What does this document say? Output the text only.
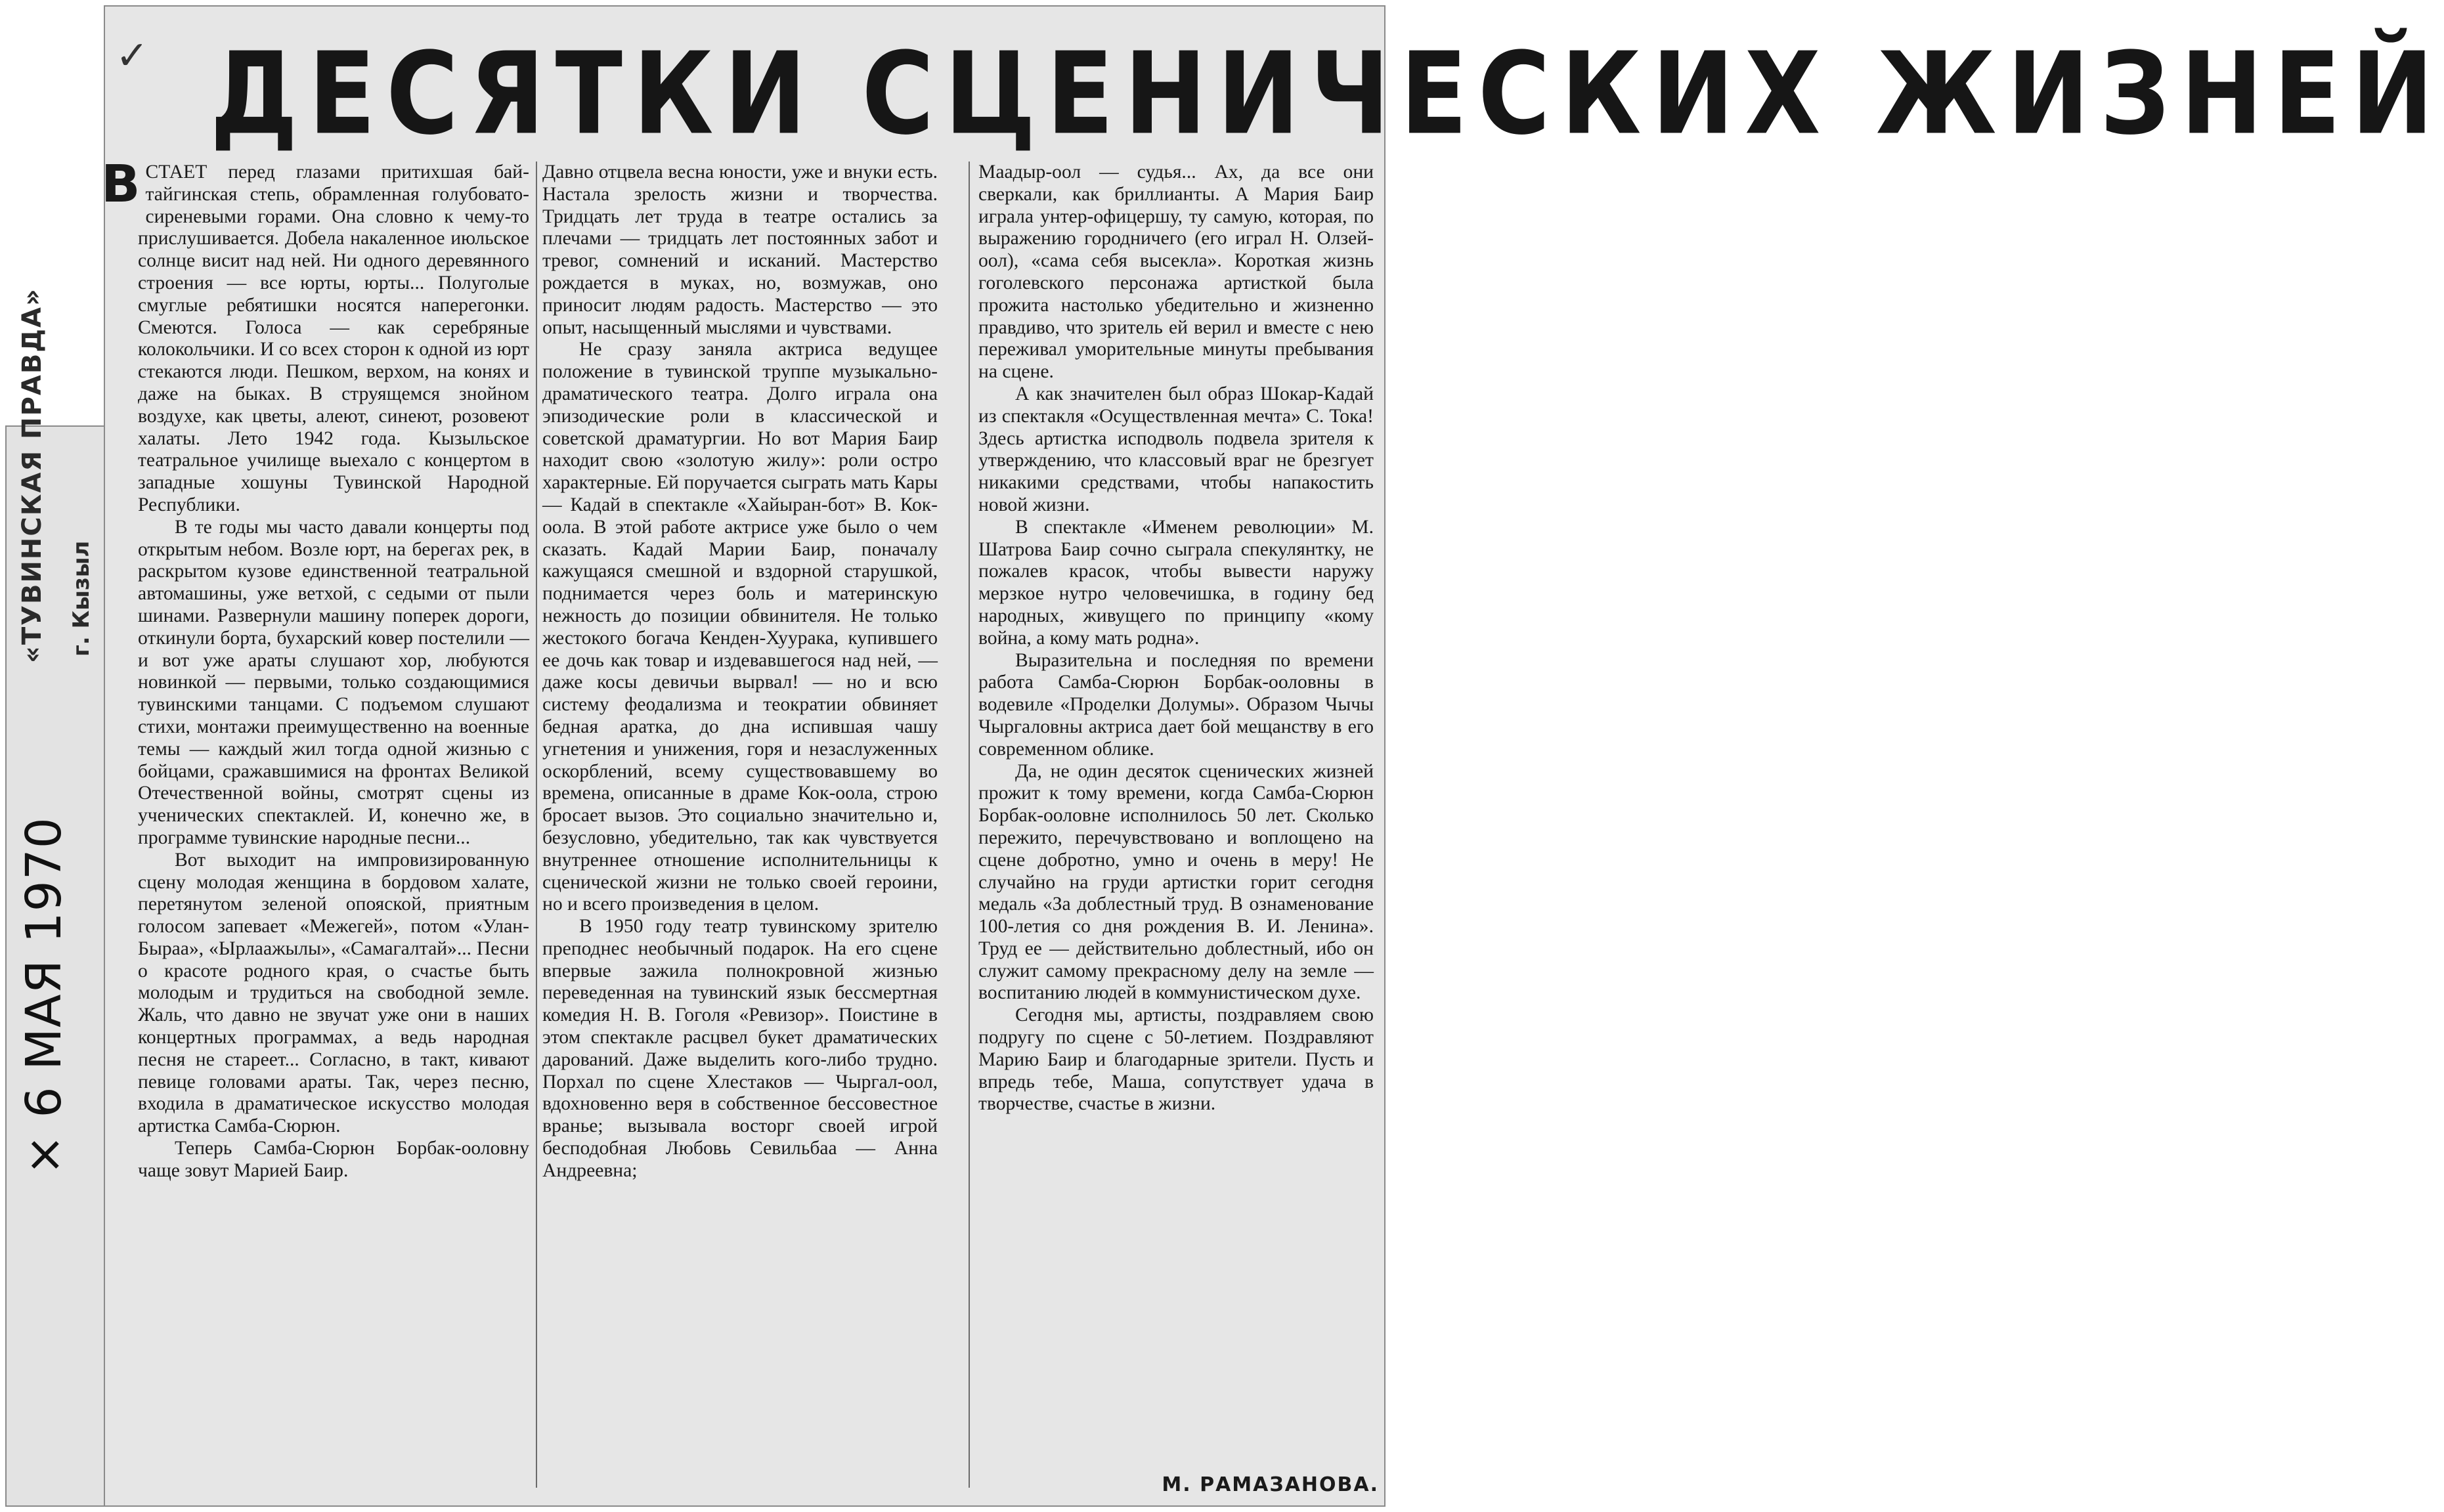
«ТУВИНСКАЯ ПРАВДА» г. Кызыл
× 6 МАЯ 1970
✓ ДЕСЯТКИ СЦЕНИЧЕСКИХ ЖИЗНЕЙ

ВСТАЕТ перед глазами притихшая бай-тайгинская степь, обрамленная голубовато-сиреневыми горами. Она словно к чему-то прислушивается. Добела накаленное июльское солнце висит над ней. Ни одного деревянного строения — все юрты, юрты... Полуголые смуглые ребятишки носятся наперегонки. Смеются. Голоса — как серебряные колокольчики. И со всех сторон к одной из юрт стекаются люди. Пешком, верхом, на конях и даже на быках. В струящемся знойном воздухе, как цветы, алеют, синеют, розовеют халаты. Лето 1942 года. Кызыльское театральное училище выехало с концертом в западные хошуны Тувинской Народной Республики.

В те годы мы часто давали концерты под открытым небом. Возле юрт, на берегах рек, в раскрытом кузове единственной театральной автомашины, уже ветхой, с седыми от пыли шинами. Развернули машину поперек дороги, откинули борта, бухарский ковер постелили — и вот уже араты слушают хор, любуются новинкой — первыми, только создающимися тувинскими танцами. С подъемом слушают стихи, монтажи преимущественно на военные темы — каждый жил тогда одной жизнью с бойцами, сражавшимися на фронтах Великой Отечественной войны, смотрят сцены из ученических спектаклей. И, конечно же, в программе тувинские народные песни...

Вот выходит на импровизированную сцену молодая женщина в бордовом халате, перетянутом зеленой опояской, приятным голосом запевает «Межегей», потом «Улан-Быраа», «Ырлаажылы», «Самагалтай»... Песни о красоте родного края, о счастье быть молодым и трудиться на свободной земле. Жаль, что давно не звучат уже они в наших концертных программах, а ведь народная песня не стареет... Согласно, в такт, кивают певице головами араты. Так, через песню, входила в драматическое искусство молодая артистка Самба-Сюрюн.

Теперь Самба-Сюрюн Борбак-ооловну чаще зовут Марией Баир.

Давно отцвела весна юности, уже и внуки есть. Настала зрелость жизни и творчества. Тридцать лет труда в театре остались за плечами — тридцать лет постоянных забот и тревог, сомнений и исканий. Мастерство рождается в муках, но, возмужав, оно приносит людям радость. Мастерство — это опыт, насыщенный мыслями и чувствами.

Не сразу заняла актриса ведущее положение в тувинской труппе музыкально-драматического театра. Долго играла она эпизодические роли в классической и советской драматургии. Но вот Мария Баир находит свою «золотую жилу»: роли остро характерные. Ей поручается сыграть мать Кары — Кадай в спектакле «Хайыран-бот» В. Кок-оола. В этой работе актрисе уже было о чем сказать. Кадай Марии Баир, поначалу кажущаяся смешной и вздорной старушкой, поднимается через боль и материнскую нежность до позиции обвинителя. Не только жестокого богача Кенден-Хуурака, купившего ее дочь как товар и издевавшегося над ней, — даже косы девичьи вырвал! — но и всю систему феодализма и теократии обвиняет бедная аратка, до дна испившая чашу угнетения и унижения, горя и незаслуженных оскорблений, всему существовавшему во времена, описанные в драме Кок-оола, строю бросает вызов. Это социально значительно и, безусловно, убедительно, так как чувствуется внутреннее отношение исполнительницы к сценической жизни не только своей героини, но и всего произведения в целом.

В 1950 году театр тувинскому зрителю преподнес необычный подарок. На его сцене впервые зажила полнокровной жизнью переведенная на тувинский язык бессмертная комедия Н. В. Гоголя «Ревизор». Поистине в этом спектакле расцвел букет драматических дарований. Даже выделить кого-либо трудно. Порхал по сцене Хлестаков — Чыргал-оол, вдохновенно веря в собственное бессовестное вранье; вызывала восторг своей игрой бесподобная Любовь Севильбаа — Анна Андреевна;

Маадыр-оол — судья... Ах, да все они сверкали, как бриллианты. А Мария Баир играла унтер-офицершу, ту самую, которая, по выражению городничего (его играл Н. Олзей-оол), «сама себя высекла». Короткая жизнь гоголевского персонажа артисткой была прожита настолько убедительно и жизненно правдиво, что зритель ей верил и вместе с нею переживал уморительные минуты пребывания на сцене.

А как значителен был образ Шокар-Кадай из спектакля «Осуществленная мечта» С. Тока! Здесь артистка исподволь подвела зрителя к утверждению, что классовый враг не брезгует никакими средствами, чтобы напакостить новой жизни.

В спектакле «Именем революции» М. Шатрова Баир сочно сыграла спекулянтку, не пожалев красок, чтобы вывести наружу мерзкое нутро человечишка, в годину бед народных, живущего по принципу «кому война, а кому мать родна».

Выразительна и последняя по времени работа Самба-Сюрюн Борбак-ооловны в водевиле «Проделки Долумы». Образом Чычы Чыргаловны актриса дает бой мещанству в его современном облике.

Да, не один десяток сценических жизней прожит к тому времени, когда Самба-Сюрюн Борбак-ооловне исполнилось 50 лет. Сколько пережито, перечувствовано и воплощено на сцене добротно, умно и очень в меру! Не случайно на груди артистки горит сегодня медаль «За доблестный труд. В ознаменование 100-летия со дня рождения В. И. Ленина». Труд ее — действительно доблестный, ибо он служит самому прекрасному делу на земле — воспитанию людей в коммунистическом духе.

Сегодня мы, артисты, поздравляем свою подругу по сцене с 50-летием. Поздравляют Марию Баир и благодарные зрители. Пусть и впредь тебе, Маша, сопутствует удача в творчестве, счастье в жизни.

М. РАМАЗАНОВА.
